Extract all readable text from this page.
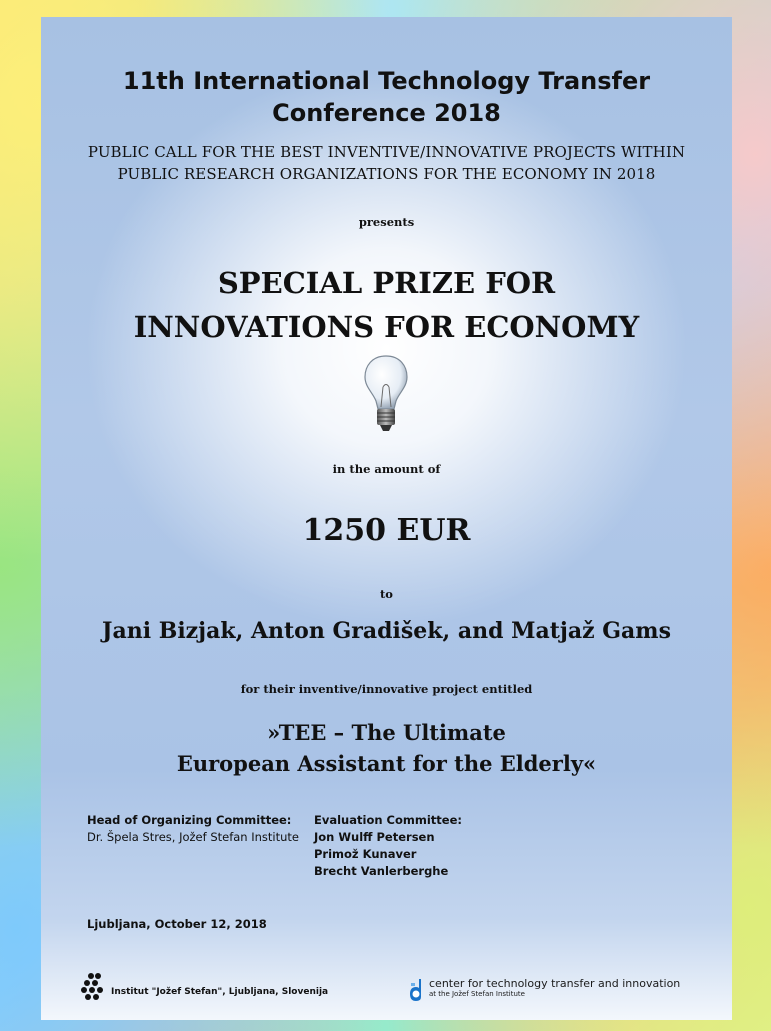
11th International Technology Transfer
Conference 2018
PUBLIC CALL FOR THE BEST INVENTIVE/INNOVATIVE PROJECTS WITHIN
PUBLIC RESEARCH ORGANIZATIONS FOR THE ECONOMY IN 2018
presents
SPECIAL PRIZE FOR
INNOVATIONS FOR ECONOMY
in the amount of
1250 EUR
to
Jani Bizjak, Anton Gradišek, and Matjaž Gams
for their inventive/innovative project entitled
»TEE – The Ultimate
European Assistant for the Elderly«
Head of Organizing Committee:
Dr. Špela Stres, Jožef Stefan Institute
Evaluation Committee:
Jon Wulff Petersen
Primož Kunaver
Brecht Vanlerberghe
Ljubljana, October 12, 2018
Institut "Jožef Stefan", Ljubljana, Slovenija
center for technology transfer and innovation
at the Jožef Stefan Institute
